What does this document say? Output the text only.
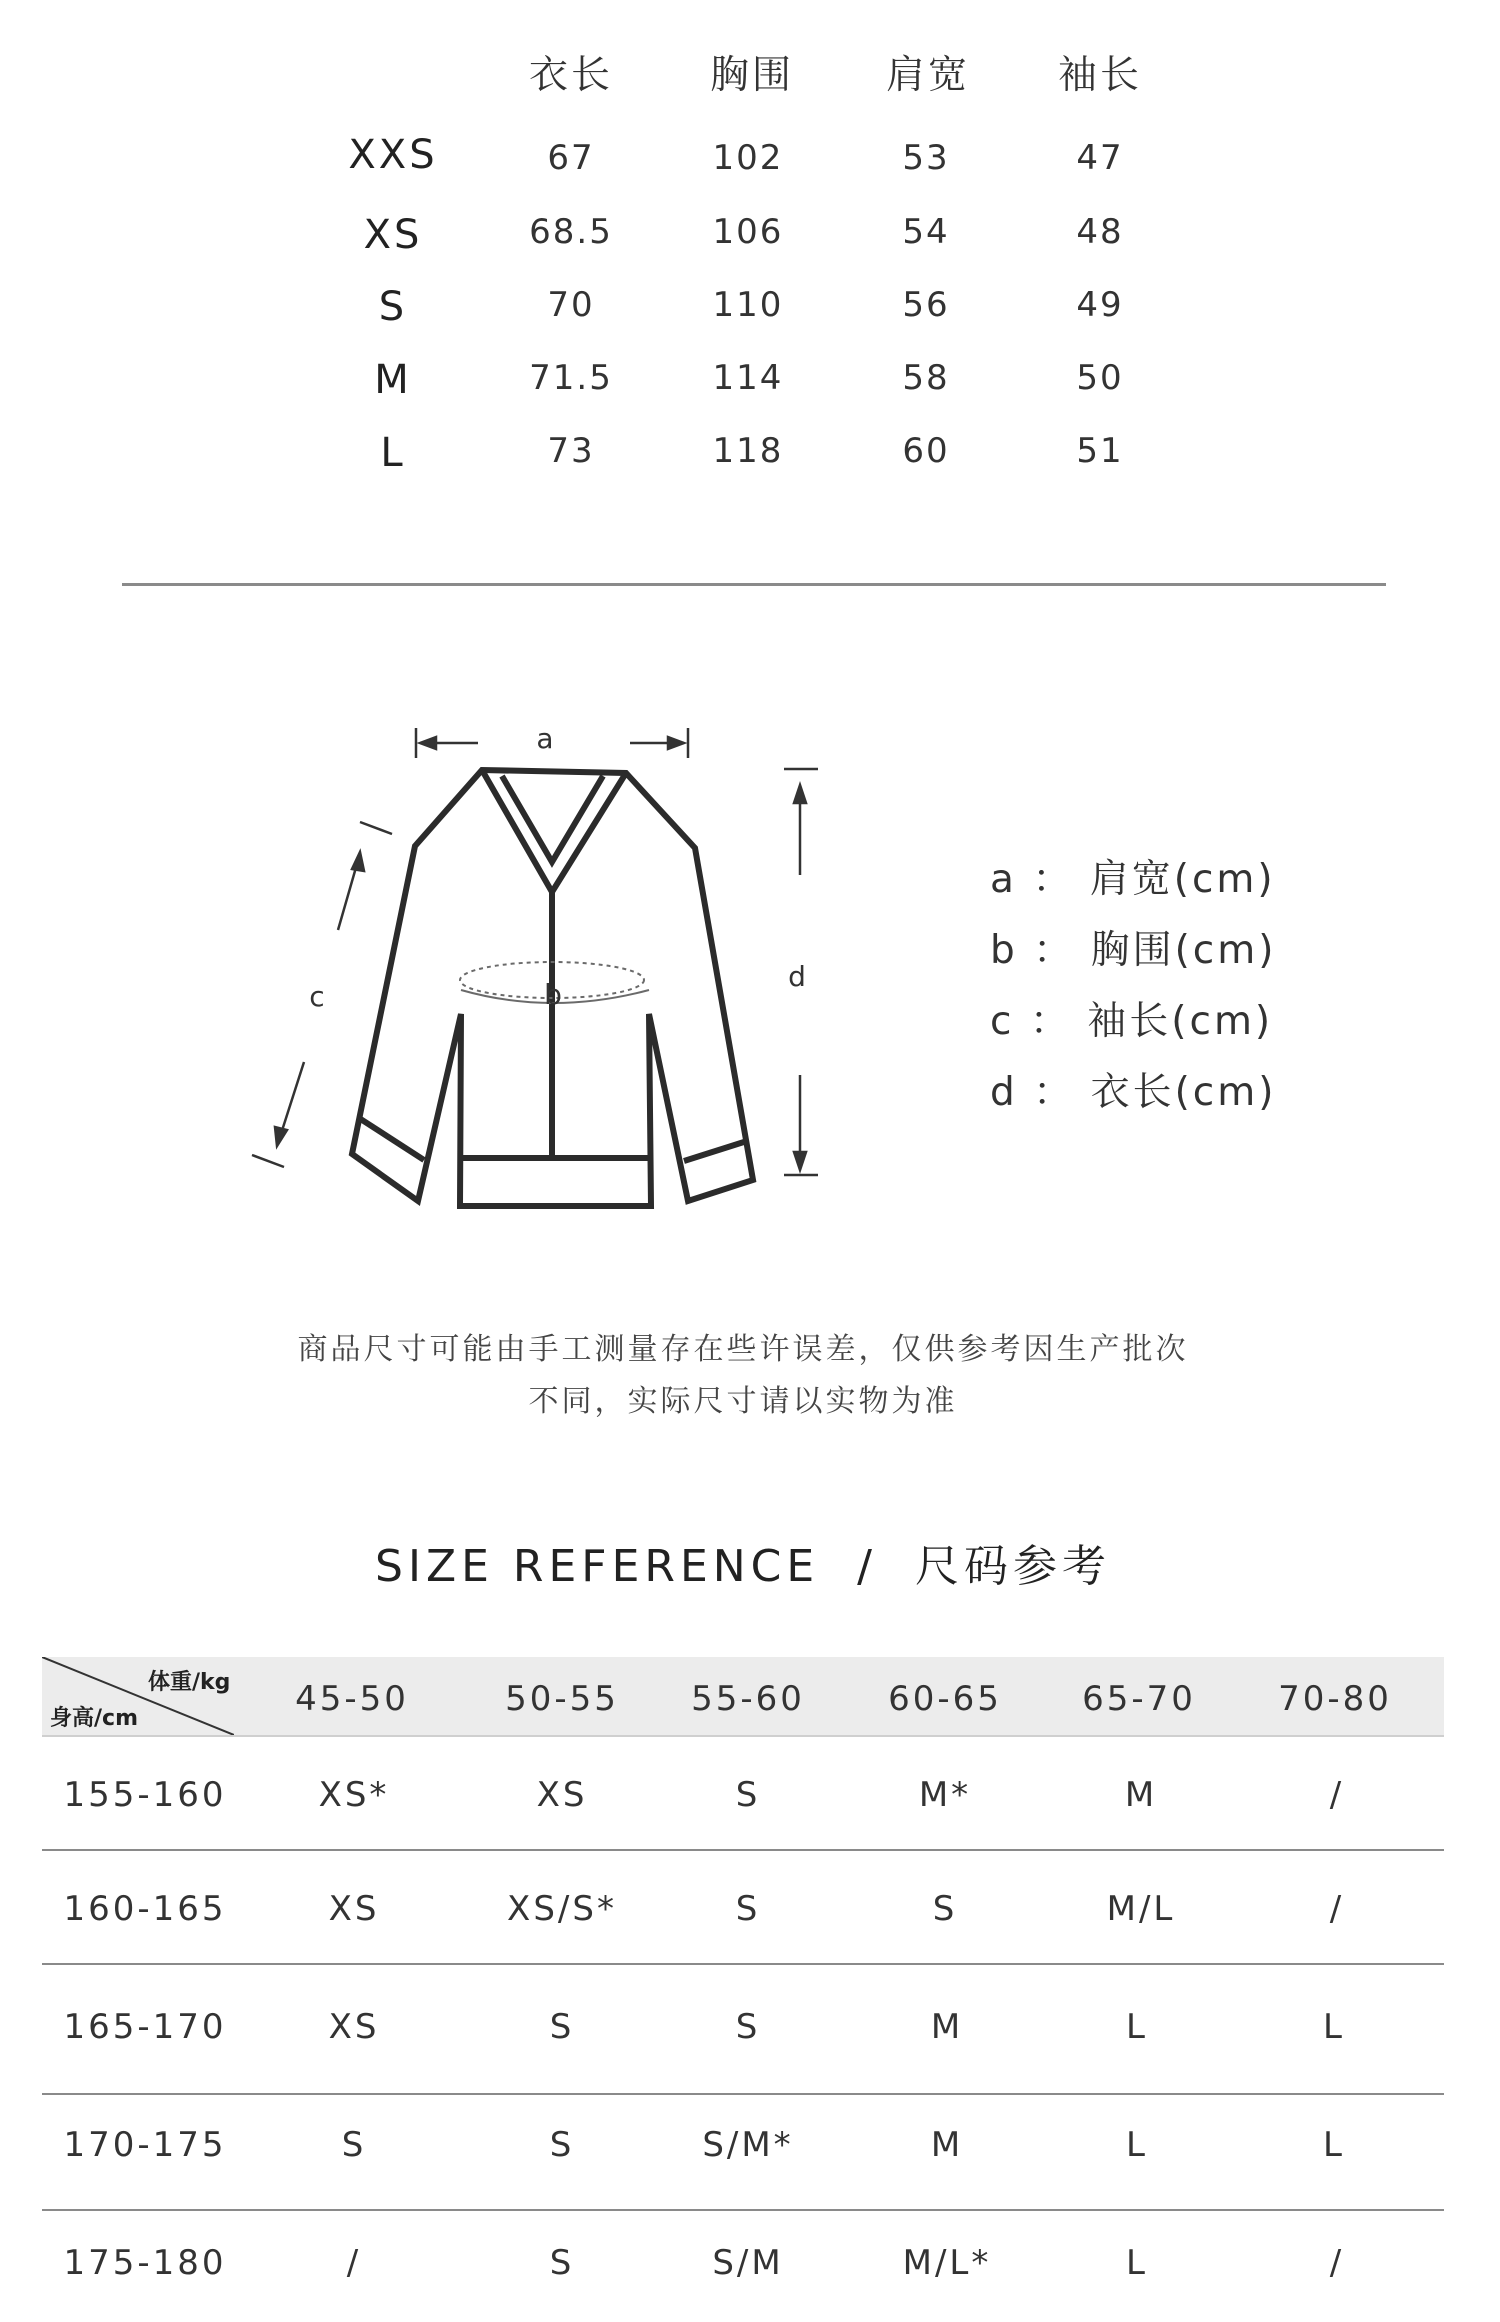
衣长 胸围 肩宽 袖长
XXS	67	102	53	47
XS	68.5	106	54	48
S	70	110	56	49
M	71.5	114	58	50
L	73	118	60	51
a
b
c
d
a ： 肩宽(cm)
b ： 胸围(cm)
c ： 袖长(cm)
d ： 衣长(cm)
商品尺寸可能由手工测量存在些许误差，仅供参考因生产批次
不同，实际尺寸请以实物为准
SIZE REFERENCE  /  尺码参考
体重/kg
身高/cm	45-50	50-55 55-60 60-65 65-70 70-80
155-160	XS*	XS	S	M*	M	/
160-165	XS	XS/S*	S	S	M/L	/
165-170	XS	S	S	M	L	L
170-175	S	S	S/M*	M	L	L
175-180	/	S	S/M	M/L*	L	/
